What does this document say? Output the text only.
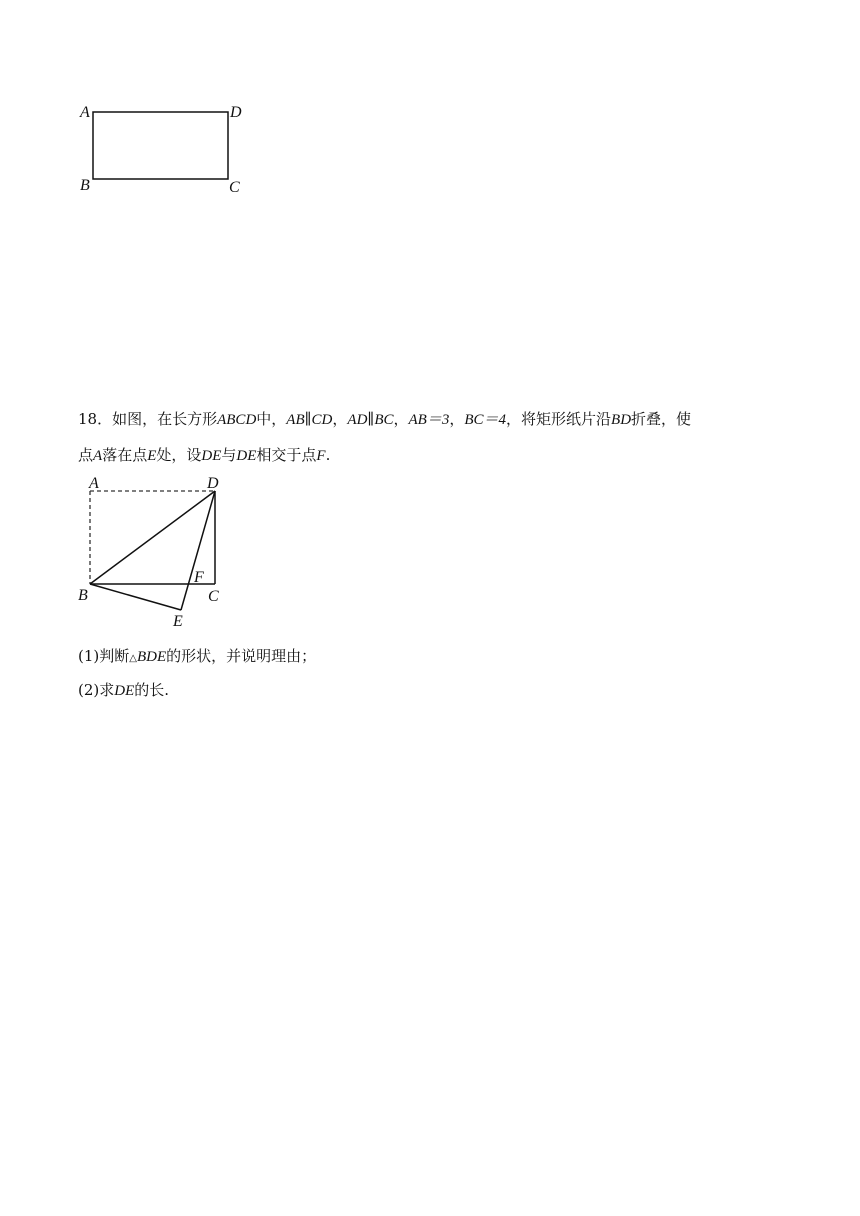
A	D
B	C

18．如图，在长方形ABCD中，AB∥CD，AD∥BC，AB＝3，BC＝4，将矩形纸片沿BD折叠，使

点A落在点E处，设DE与DE相交于点F.

A	D
B	C
F
E
(1)判断△BDE的形状，并说明理由；
(2)求DE的长.
